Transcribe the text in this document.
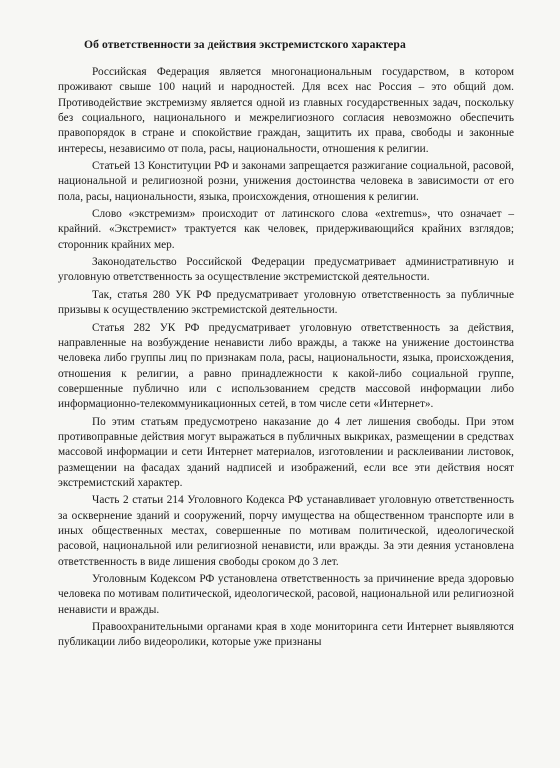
Об ответственности за действия экстремистского характера

Российская Федерация является многонациональным государством, в котором проживают свыше 100 наций и народностей. Для всех нас Россия – это общий дом. Противодействие экстремизму является одной из главных государственных задач, поскольку без социального, национального и межрелигиозного согласия невозможно обеспечить правопорядок в стране и спокойствие граждан, защитить их права, свободы и законные интересы, независимо от пола, расы, национальности, отношения к религии.

Статьей 13 Конституции РФ и законами запрещается разжигание социальной, расовой, национальной и религиозной розни, унижения достоинства человека в зависимости от его пола, расы, национальности, языка, происхождения, отношения к религии.

Слово «экстремизм» происходит от латинского слова «extremus», что означает – крайний. «Экстремист» трактуется как человек, придерживающийся крайних взглядов; сторонник крайних мер.

Законодательство Российской Федерации предусматривает административную и уголовную ответственность за осуществление экстремистской деятельности.

Так, статья 280 УК РФ предусматривает уголовную ответственность за публичные призывы к осуществлению экстремистской деятельности.

Статья 282 УК РФ предусматривает уголовную ответственность за действия, направленные на возбуждение ненависти либо вражды, а также на унижение достоинства человека либо группы лиц по признакам пола, расы, национальности, языка, происхождения, отношения к религии, а равно принадлежности к какой-либо социальной группе, совершенные публично или с использованием средств массовой информации либо информационно-телекоммуникационных сетей, в том числе сети «Интернет».

По этим статьям предусмотрено наказание до 4 лет лишения свободы. При этом противоправные действия могут выражаться в публичных выкриках, размещении в средствах массовой информации и сети Интернет материалов, изготовлении и расклеивании листовок, размещении на фасадах зданий надписей и изображений, если все эти действия носят экстремистский характер.

Часть 2 статьи 214 Уголовного Кодекса РФ устанавливает уголовную ответственность за осквернение зданий и сооружений, порчу имущества на общественном транспорте или в иных общественных местах, совершенные по мотивам политической, идеологической расовой, национальной или религиозной ненависти, или вражды. За эти деяния установлена ответственность в виде лишения свободы сроком до 3 лет.

Уголовным Кодексом РФ установлена ответственность за причинение вреда здоровью человека по мотивам политической, идеологической, расовой, национальной или религиозной ненависти и вражды.

Правоохранительными органами края в ходе мониторинга сети Интернет выявляются публикации либо видеоролики, которые уже признаны
